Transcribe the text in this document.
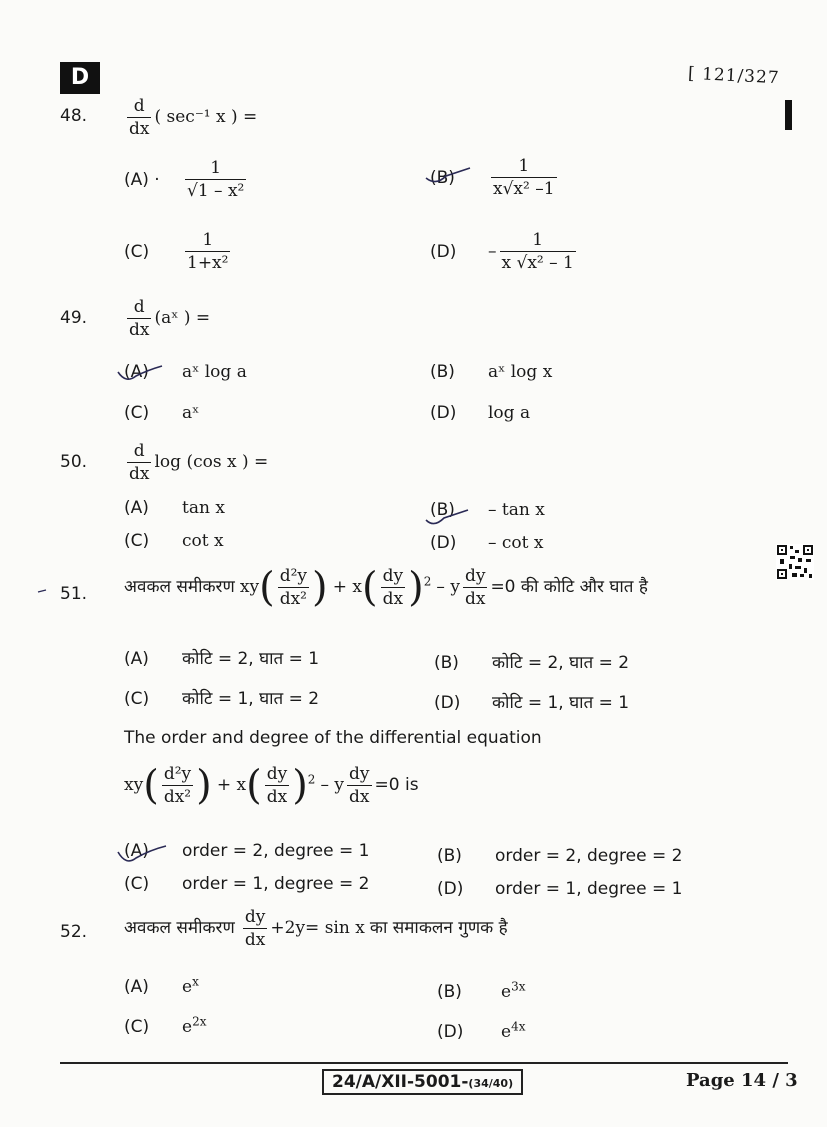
D	[ 121/327
48. $\frac{d}{dx}$ ( sec⁻¹ x ) =
$(A) \cdot \frac{1}{\text{√1 – x²}}$	$(B) \frac{1}{\text{x√x² –1}}$
$(C) \frac{1}{\text{1+x²}}$	$(D) - \frac{1}{\text{x √x² – 1}}$
49. $\frac{d}{dx}$ (aˣ ) =
(A) aˣ log a	(B) aˣ log x
(C) aˣ	(D) log a
50. $\frac{d}{dx}$ log (cos x ) =
(A) tan x	(B) – tan x
(C) cot x	(D) – cot x
51. अवकल समीकरण $xy( \frac{\text{d²y}}{\text{dx²}}$ ) + $x( \frac{dy}{dx} )^2 - y \frac{dy}{dx} =0$ की कोटि और घात है
(A) कोटि = 2, घात = 1	(B) कोटि = 2, घात = 2
(C) कोटि = 1, घात = 2	(D) कोटि = 1, घात = 1
The order and degree of the differential equation
$xy( \frac{\text{d²y}}{\text{dx²}}$ ) + $x( \frac{dy}{dx} )^2 - y \frac{dy}{dx} =0$ is
(A) order = 2, degree = 1	(B) order = 2, degree = 2
(C) order = 1, degree = 2	(D) order = 1, degree = 1
52. अवकल समीकरण $\frac{dy}{dx} +2y= \sin x$ का समाकलन गुणक है
(A) $e^x$
(B) $e^{3x}$
(C) $e^{2x}$
(D) $e^{4x}$
24/A/XII-5001-(34/40)	Page 14 / 3
